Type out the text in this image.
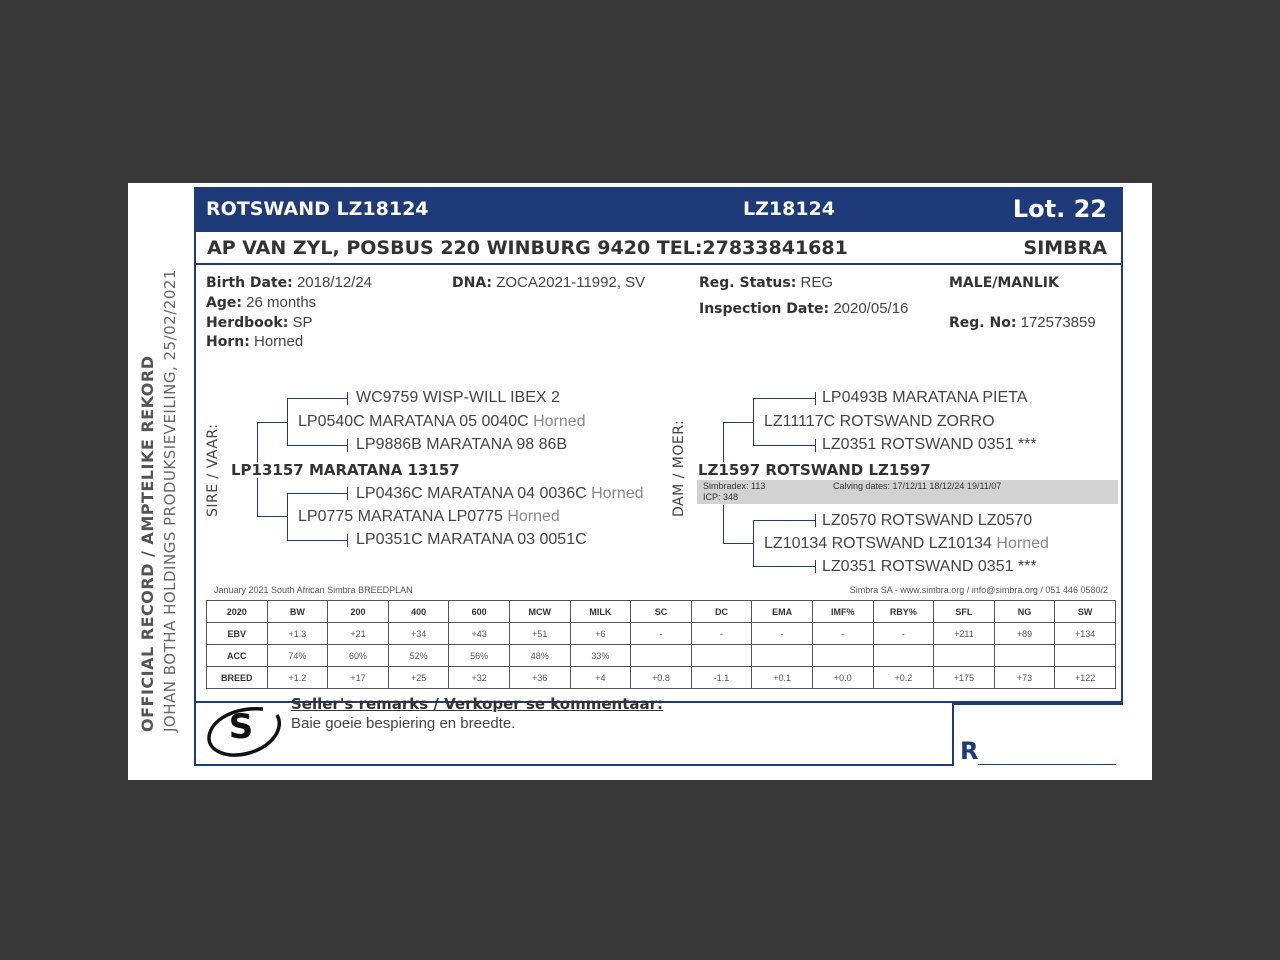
OFFICIAL RECORD / AMPTELIKE REKORD JOHAN BOTHA HOLDINGS PRODUKSIEVEILING, 25/02/2021
ROTSWAND LZ18124	LZ18124	Lot. 22
AP VAN ZYL, POSBUS 220 WINBURG 9420 TEL:27833841681	SIMBRA
Birth Date: 2018/12/24
Age: 26 months
Herdbook: SP
Horn: Horned
DNA: ZOCA2021-11992, SV	Reg. Status: REG
Inspection Date: 2020/05/16
MALE/MANLIK
Reg. No: 172573859
SIRE / VAAR:
WC9759 WISP-WILL IBEX 2
LP0540C MARATANA 05 0040C Horned
LP9886B MARATANA 98 86B
LP13157 MARATANA 13157
LP0436C MARATANA 04 0036C Horned
LP0775 MARATANA LP0775 Horned
LP0351C MARATANA 03 0051C
DAM / MOER:
LP0493B MARATANA PIETA
LZ11117C ROTSWAND ZORRO
LZ0351 ROTSWAND 0351 ***
LZ1597 ROTSWAND LZ1597
Simbradex: 113
ICP: 348
Calving dates: 17/12/11 18/12/24 19/11/07
LZ0570 ROTSWAND LZ0570
LZ10134 ROTSWAND LZ10134 Horned
LZ0351 ROTSWAND 0351 ***
January 2021 South African Simbra BREEDPLAN	Simbra SA - www.simbra.org / info@simbra.org / 051 446 0580/2
2020	BW	200	400	600	MCW	MILK	SC	DC	EMA	IMF%	RBY%	SFL	NG	SW
EBV	+1.3	+21	+34	+43	+51	+6	-	-	-	-	-	+211	+89	+134
ACC	74%	60%	52%	56%	48%	33%								
BREED	+1.2	+17	+25	+32	+36	+4	+0.8	-1.1	+0.1	+0.0	+0.2	+175	+73	+122
S
Seller's remarks / Verkoper se kommentaar:
Baie goeie bespiering en breedte.
R
